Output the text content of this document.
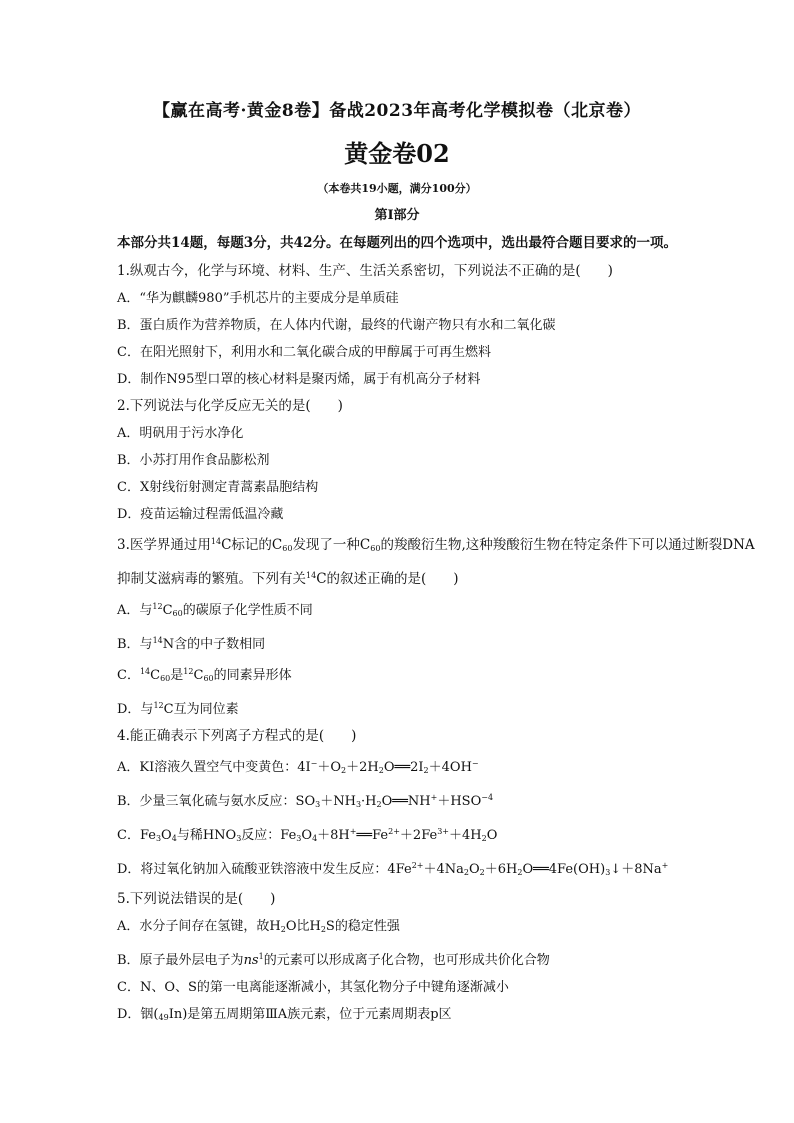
【赢在高考·黄金8卷】备战2023年高考化学模拟卷（北京卷）
黄金卷02
（本卷共19小题，满分100分）
第Ⅰ部分
本部分共14题，每题3分，共42分。在每题列出的四个选项中，选出最符合题目要求的一项。
1.纵观古今，化学与环境、材料、生产、生活关系密切，下列说法不正确的是(　　)
A．“华为麒麟980”手机芯片的主要成分是单质硅
B．蛋白质作为营养物质，在人体内代谢，最终的代谢产物只有水和二氧化碳
C．在阳光照射下，利用水和二氧化碳合成的甲醇属于可再生燃料
D．制作N95型口罩的核心材料是聚丙烯，属于有机高分子材料
2.下列说法与化学反应无关的是(　　)
A．明矾用于污水净化
B．小苏打用作食品膨松剂
C．X射线衍射测定青蒿素晶胞结构
D．疫苗运输过程需低温冷藏
3.医学界通过用$^{14}$C标记的$C_{60}$发现了一种$C_{60}$的羧酸衍生物,这种羧酸衍生物在特定条件下可以通过断裂DNA
抑制艾滋病毒的繁殖。下列有关$^{14}$C的叙述正确的是(　　)
A．与$^{12}C_{60}$的碳原子化学性质不同
B．与$^{14}$N含的中子数相同
C．$^{14}C_{60}$是$^{12}C_{60}$的同素异形体
D．与$^{12}$C互为同位素
4.能正确表示下列离子方程式的是(　　)
A．KI溶液久置空气中变黄色：$4I^-+O_2+2H_2O══2I_2+4OH^-$
B．少量三氧化硫与氨水反应：$SO_3+NH_3\cdot H_2O══NH^++HSO^{-4}$
C．$Fe_3O_4$与稀$HNO_3$反应：$Fe_3O_4+8H^+══Fe^{2+}+2Fe^{3+}+4H_2O$
D．将过氧化钠加入硫酸亚铁溶液中发生反应：$4Fe^{2+}+4Na_2O_2+6H_2O══4Fe(OH)_3↓+8Na^+$
5.下列说法错误的是(　　)
A．水分子间存在氢键，故$H_2O$比$H_2S$的稳定性强
B．原子最外层电子为$ns^1$的元素可以形成离子化合物，也可形成共价化合物
C．N、O、S的第一电离能逐渐减小，其氢化物分子中键角逐渐减小
D．铟$(_{49}In)$是第五周期第ⅢA族元素，位于元素周期表p区
